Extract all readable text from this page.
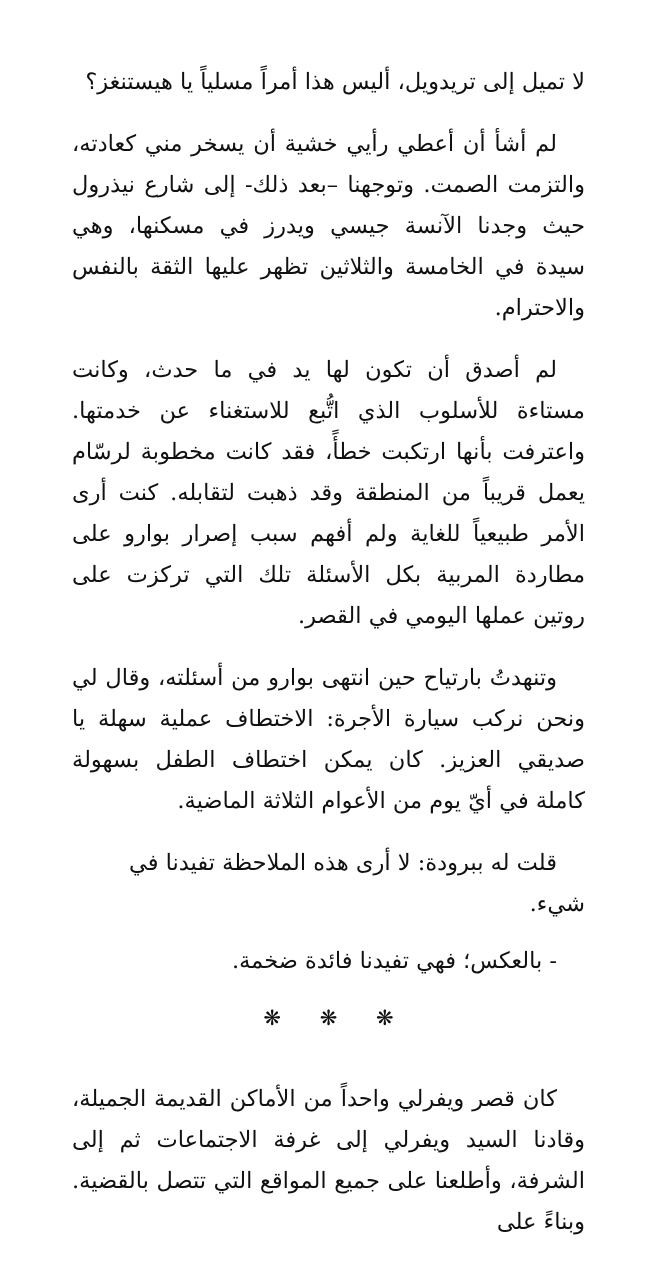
لا تميل إلى تريدويل، أليس هذا أمراً مسلياً يا هيستنغز؟

لم أشأ أن أعطي رأيي خشية أن يسخر مني كعادته، والتزمت الصمت. وتوجهنا –بعد ذلك- إلى شارع نيذرول حيث وجدنا الآنسة جيسي ويدرز في مسكنها، وهي سيدة في الخامسة والثلاثين تظهر عليها الثقة بالنفس والاحترام.

لم أصدق أن تكون لها يد في ما حدث، وكانت مستاءة للأسلوب الذي اتُّبع للاستغناء عن خدمتها. واعترفت بأنها ارتكبت خطأً، فقد كانت مخطوبة لرسّام يعمل قريباً من المنطقة وقد ذهبت لتقابله. كنت أرى الأمر طبيعياً للغاية ولم أفهم سبب إصرار بوارو على مطاردة المربية بكل الأسئلة تلك التي تركزت على روتين عملها اليومي في القصر.

وتنهدتُ بارتياح حين انتهى بوارو من أسئلته، وقال لي ونحن نركب سيارة الأجرة: الاختطاف عملية سهلة يا صديقي العزيز. كان يمكن اختطاف الطفل بسهولة كاملة في أيّ يوم من الأعوام الثلاثة الماضية.

قلت له ببرودة: لا أرى هذه الملاحظة تفيدنا في شيء.

- بالعكس؛ فهي تفيدنا فائدة ضخمة.

❋ ❋ ❋

كان قصر ويفرلي واحداً من الأماكن القديمة الجميلة، وقادنا السيد ويفرلي إلى غرفة الاجتماعات ثم إلى الشرفة، وأطلعنا على جميع المواقع التي تتصل بالقضية. وبناءً على
